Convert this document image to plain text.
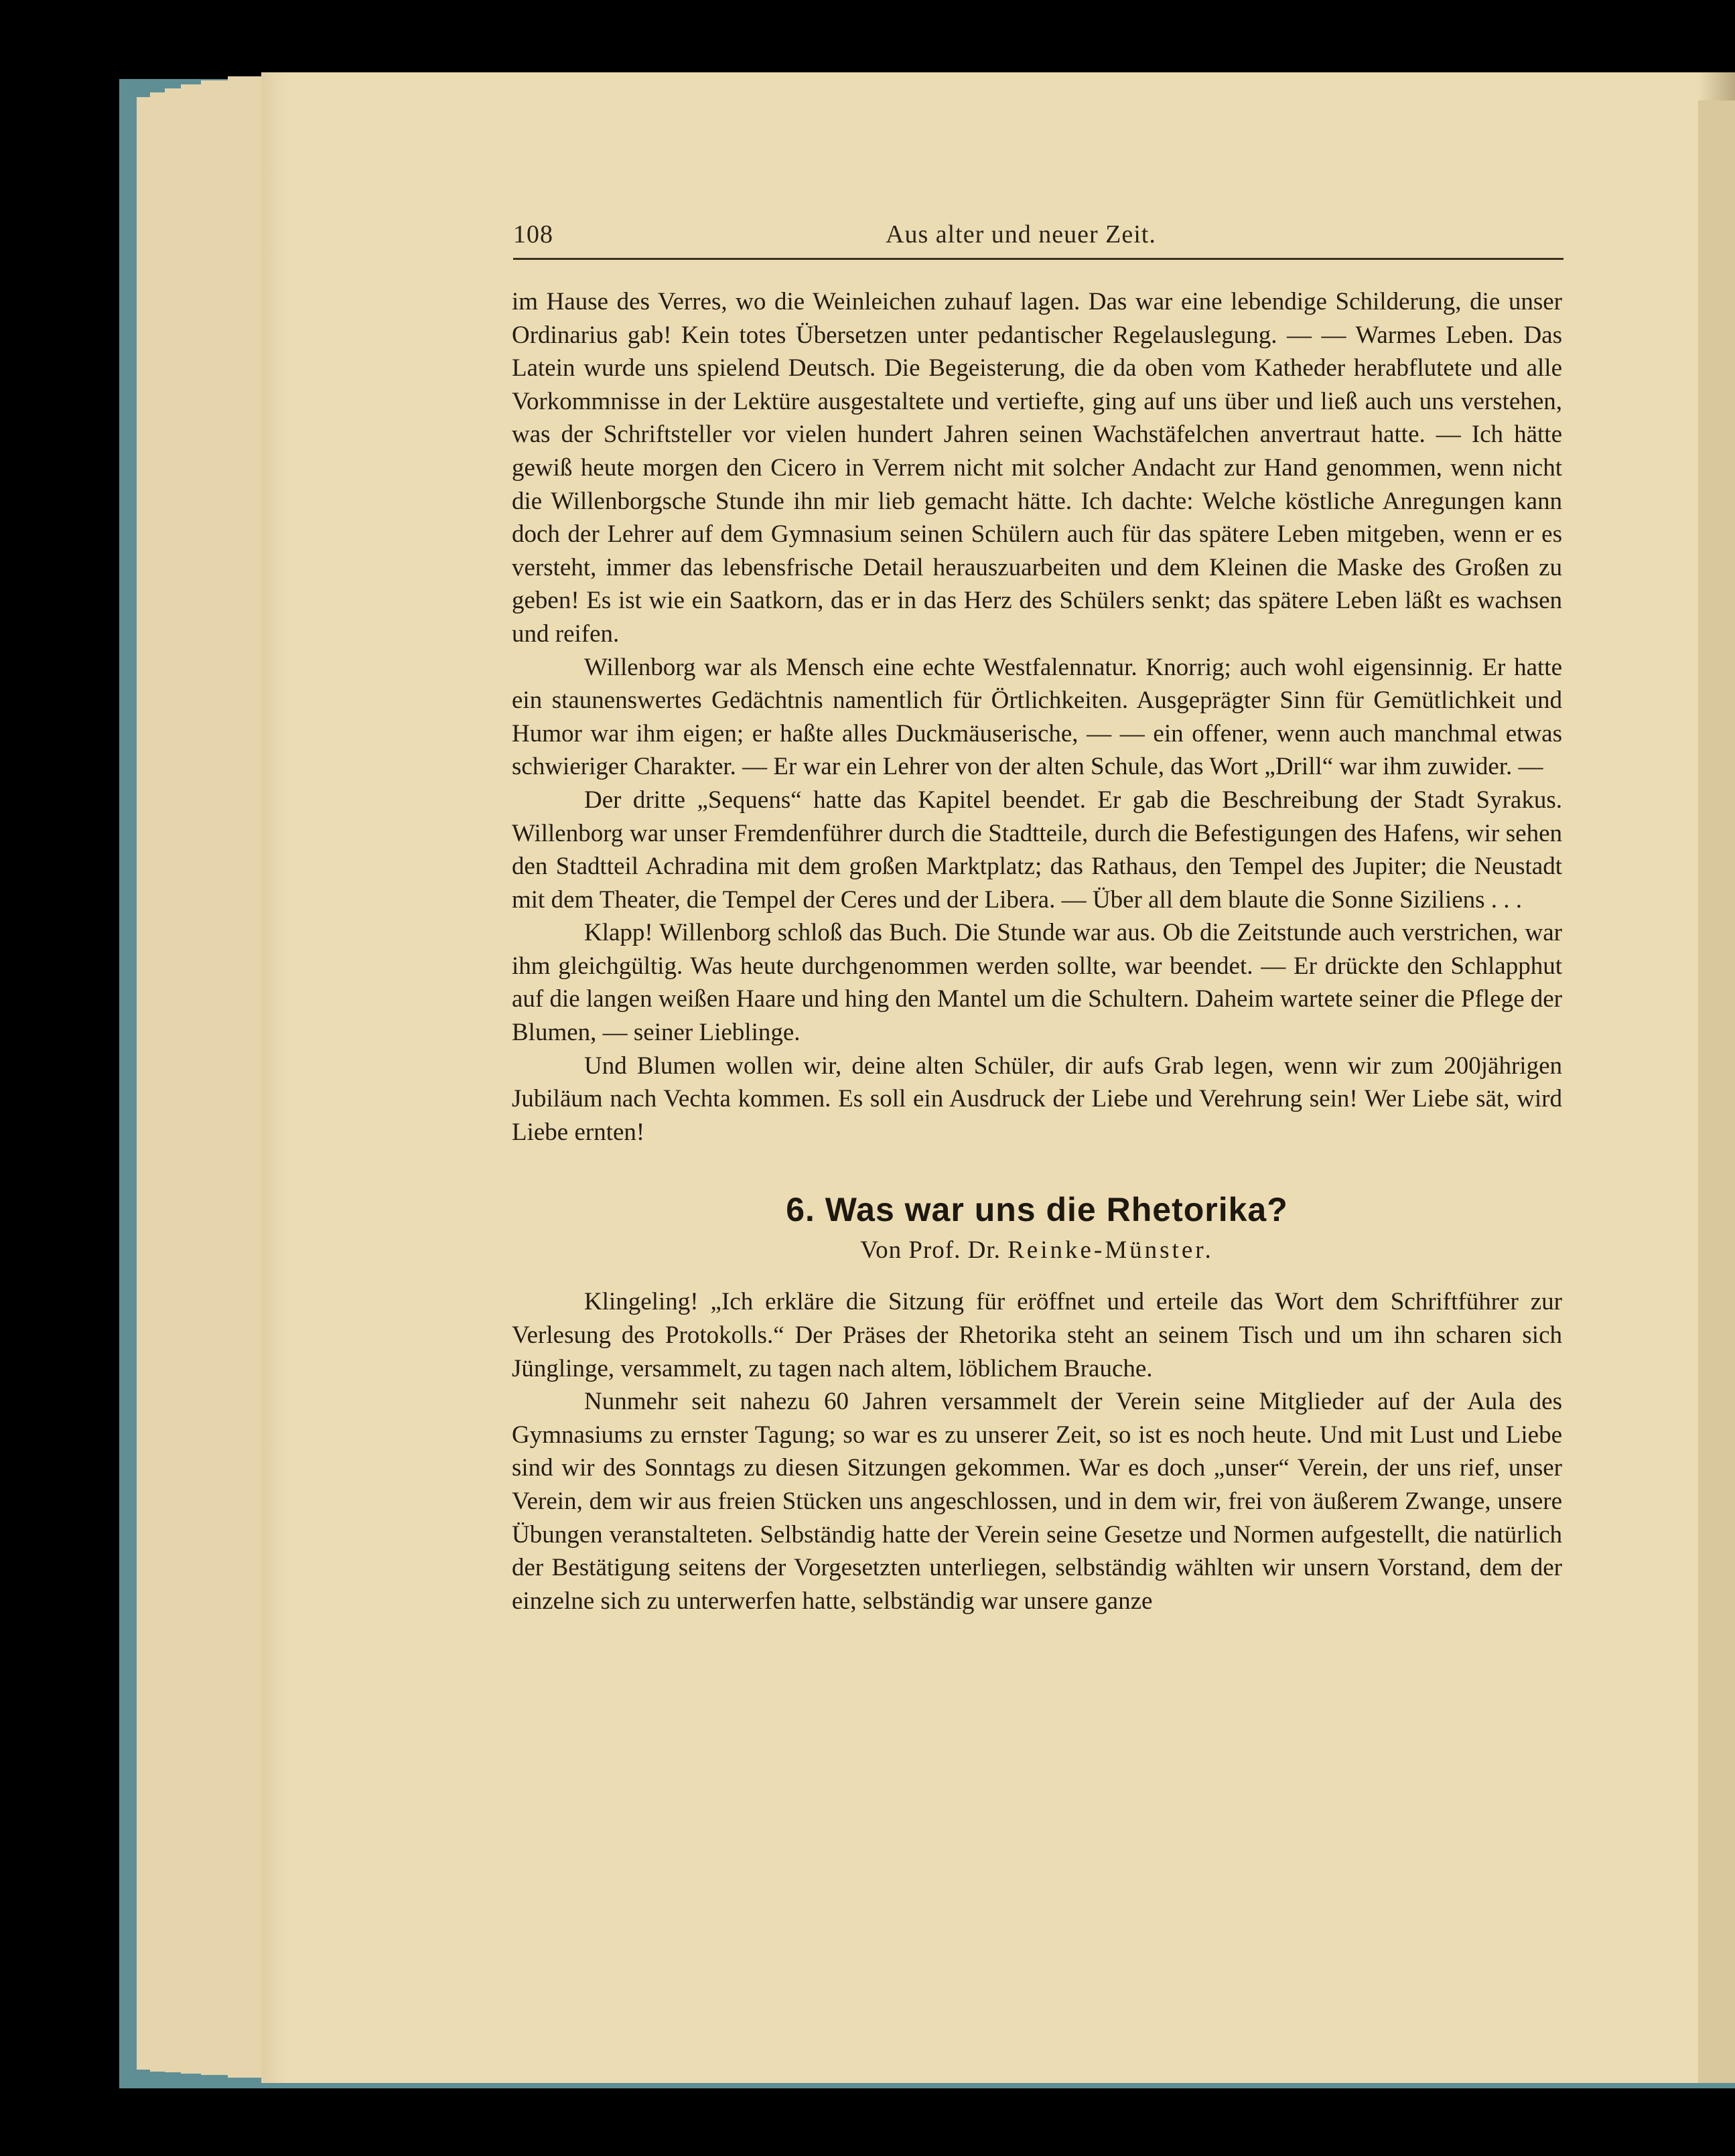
108	Aus alter und neuer Zeit.

im Hause des Verres, wo die Weinleichen zuhauf lagen. Das war eine lebendige Schilderung, die unser Ordinarius gab! Kein totes Übersetzen unter pedantischer Regelauslegung. — — Warmes Leben. Das Latein wurde uns spielend Deutsch. Die Begeisterung, die da oben vom Katheder herabflutete und alle Vorkommnisse in der Lektüre ausgestaltete und vertiefte, ging auf uns über und ließ auch uns verstehen, was der Schriftsteller vor vielen hundert Jahren seinen Wachstäfelchen anvertraut hatte. — Ich hätte gewiß heute morgen den Cicero in Verrem nicht mit solcher Andacht zur Hand genommen, wenn nicht die Willenborgsche Stunde ihn mir lieb gemacht hätte. Ich dachte: Welche köstliche Anregungen kann doch der Lehrer auf dem Gymnasium seinen Schülern auch für das spätere Leben mitgeben, wenn er es versteht, immer das lebensfrische Detail herauszuarbeiten und dem Kleinen die Maske des Großen zu geben! Es ist wie ein Saatkorn, das er in das Herz des Schülers senkt; das spätere Leben läßt es wachsen und reifen.

Willenborg war als Mensch eine echte Westfalennatur. Knorrig; auch wohl eigensinnig. Er hatte ein staunenswertes Gedächtnis namentlich für Örtlichkeiten. Ausgeprägter Sinn für Gemütlichkeit und Humor war ihm eigen; er haßte alles Duckmäuserische, — — ein offener, wenn auch manchmal etwas schwieriger Charakter. — Er war ein Lehrer von der alten Schule, das Wort „Drill“ war ihm zuwider. —

Der dritte „Sequens“ hatte das Kapitel beendet. Er gab die Beschreibung der Stadt Syrakus. Willenborg war unser Fremdenführer durch die Stadtteile, durch die Befestigungen des Hafens, wir sehen den Stadtteil Achradina mit dem großen Marktplatz; das Rathaus, den Tempel des Jupiter; die Neustadt mit dem Theater, die Tempel der Ceres und der Libera. — Über all dem blaute die Sonne Siziliens . . .

Klapp! Willenborg schloß das Buch. Die Stunde war aus. Ob die Zeitstunde auch verstrichen, war ihm gleichgültig. Was heute durchgenommen werden sollte, war beendet. — Er drückte den Schlapphut auf die langen weißen Haare und hing den Mantel um die Schultern. Daheim wartete seiner die Pflege der Blumen, — seiner Lieblinge.

Und Blumen wollen wir, deine alten Schüler, dir aufs Grab legen, wenn wir zum 200jährigen Jubiläum nach Vechta kommen. Es soll ein Ausdruck der Liebe und Verehrung sein! Wer Liebe sät, wird Liebe ernten!

6. Was war uns die Rhetorika?

Von Prof. Dr. Reinke-Münster.

Klingeling! „Ich erkläre die Sitzung für eröffnet und erteile das Wort dem Schriftführer zur Verlesung des Protokolls.“ Der Präses der Rhetorika steht an seinem Tisch und um ihn scharen sich Jünglinge, versammelt, zu tagen nach altem, löblichem Brauche.

Nunmehr seit nahezu 60 Jahren versammelt der Verein seine Mitglieder auf der Aula des Gymnasiums zu ernster Tagung; so war es zu unserer Zeit, so ist es noch heute. Und mit Lust und Liebe sind wir des Sonntags zu diesen Sitzungen gekommen. War es doch „unser“ Verein, der uns rief, unser Verein, dem wir aus freien Stücken uns angeschlossen, und in dem wir, frei von äußerem Zwange, unsere Übungen veranstalteten. Selbständig hatte der Verein seine Gesetze und Normen aufgestellt, die natürlich der Bestätigung seitens der Vorgesetzten unterliegen, selbständig wählten wir unsern Vorstand, dem der einzelne sich zu unterwerfen hatte, selbständig war unsere ganze
